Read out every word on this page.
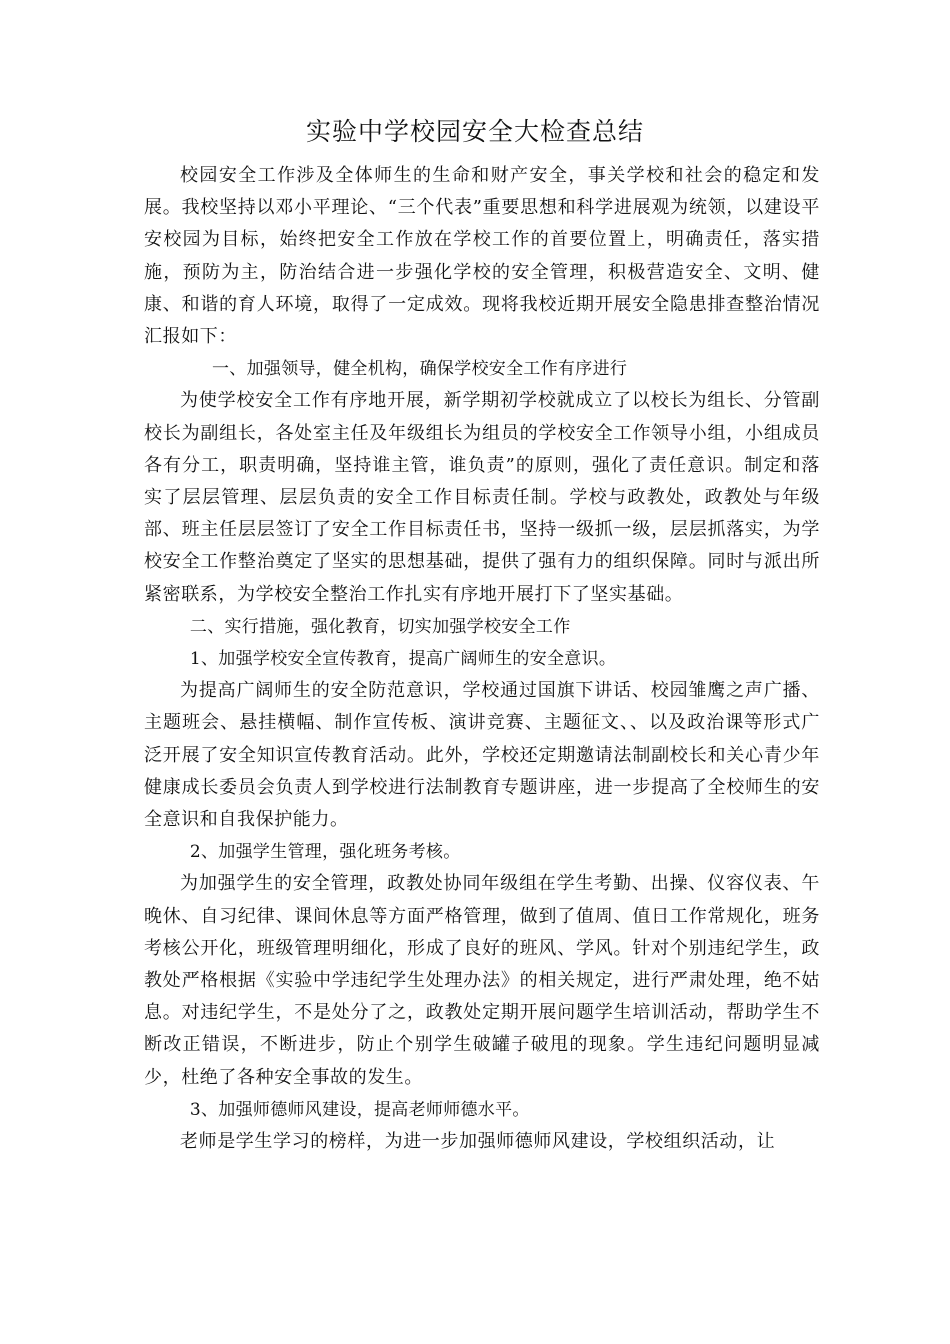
实验中学校园安全大检查总结

校园安全工作涉及全体师生的生命和财产安全，事关学校和社会的稳定和发展。我校坚持以邓小平理论、“三个代表”重要思想和科学进展观为统领，以建设平安校园为目标，始终把安全工作放在学校工作的首要位置上，明确责任，落实措施，预防为主，防治结合进一步强化学校的安全管理，积极营造安全、文明、健康、和谐的育人环境，取得了一定成效。现将我校近期开展安全隐患排查整治情况汇报如下：

一、加强领导，健全机构，确保学校安全工作有序进行

为使学校安全工作有序地开展，新学期初学校就成立了以校长为组长、分管副校长为副组长，各处室主任及年级组长为组员的学校安全工作领导小组，小组成员各有分工，职责明确，坚持谁主管，谁负责”的原则，强化了责任意识。制定和落实了层层管理、层层负责的安全工作目标责任制。学校与政教处，政教处与年级部、班主任层层签订了安全工作目标责任书，坚持一级抓一级，层层抓落实，为学校安全工作整治奠定了坚实的思想基础，提供了强有力的组织保障。同时与派出所紧密联系，为学校安全整治工作扎实有序地开展打下了坚实基础。

二、实行措施，强化教育，切实加强学校安全工作

1、加强学校安全宣传教育，提高广阔师生的安全意识。

为提高广阔师生的安全防范意识，学校通过国旗下讲话、校园雏鹰之声广播、主题班会、悬挂横幅、制作宣传板、演讲竞赛、主题征文、、以及政治课等形式广泛开展了安全知识宣传教育活动。此外，学校还定期邀请法制副校长和关心青少年健康成长委员会负责人到学校进行法制教育专题讲座，进一步提高了全校师生的安全意识和自我保护能力。

2、加强学生管理，强化班务考核。

为加强学生的安全管理，政教处协同年级组在学生考勤、出操、仪容仪表、午晚休、自习纪律、课间休息等方面严格管理，做到了值周、值日工作常规化，班务考核公开化，班级管理明细化，形成了良好的班风、学风。针对个别违纪学生，政教处严格根据《实验中学违纪学生处理办法》的相关规定，进行严肃处理，绝不姑息。对违纪学生，不是处分了之，政教处定期开展问题学生培训活动，帮助学生不断改正错误，不断进步，防止个别学生破罐子破甩的现象。学生违纪问题明显减少，杜绝了各种安全事故的发生。

3、加强师德师风建设，提高老师师德水平。

老师是学生学习的榜样，为进一步加强师德师风建设，学校组织活动，让
